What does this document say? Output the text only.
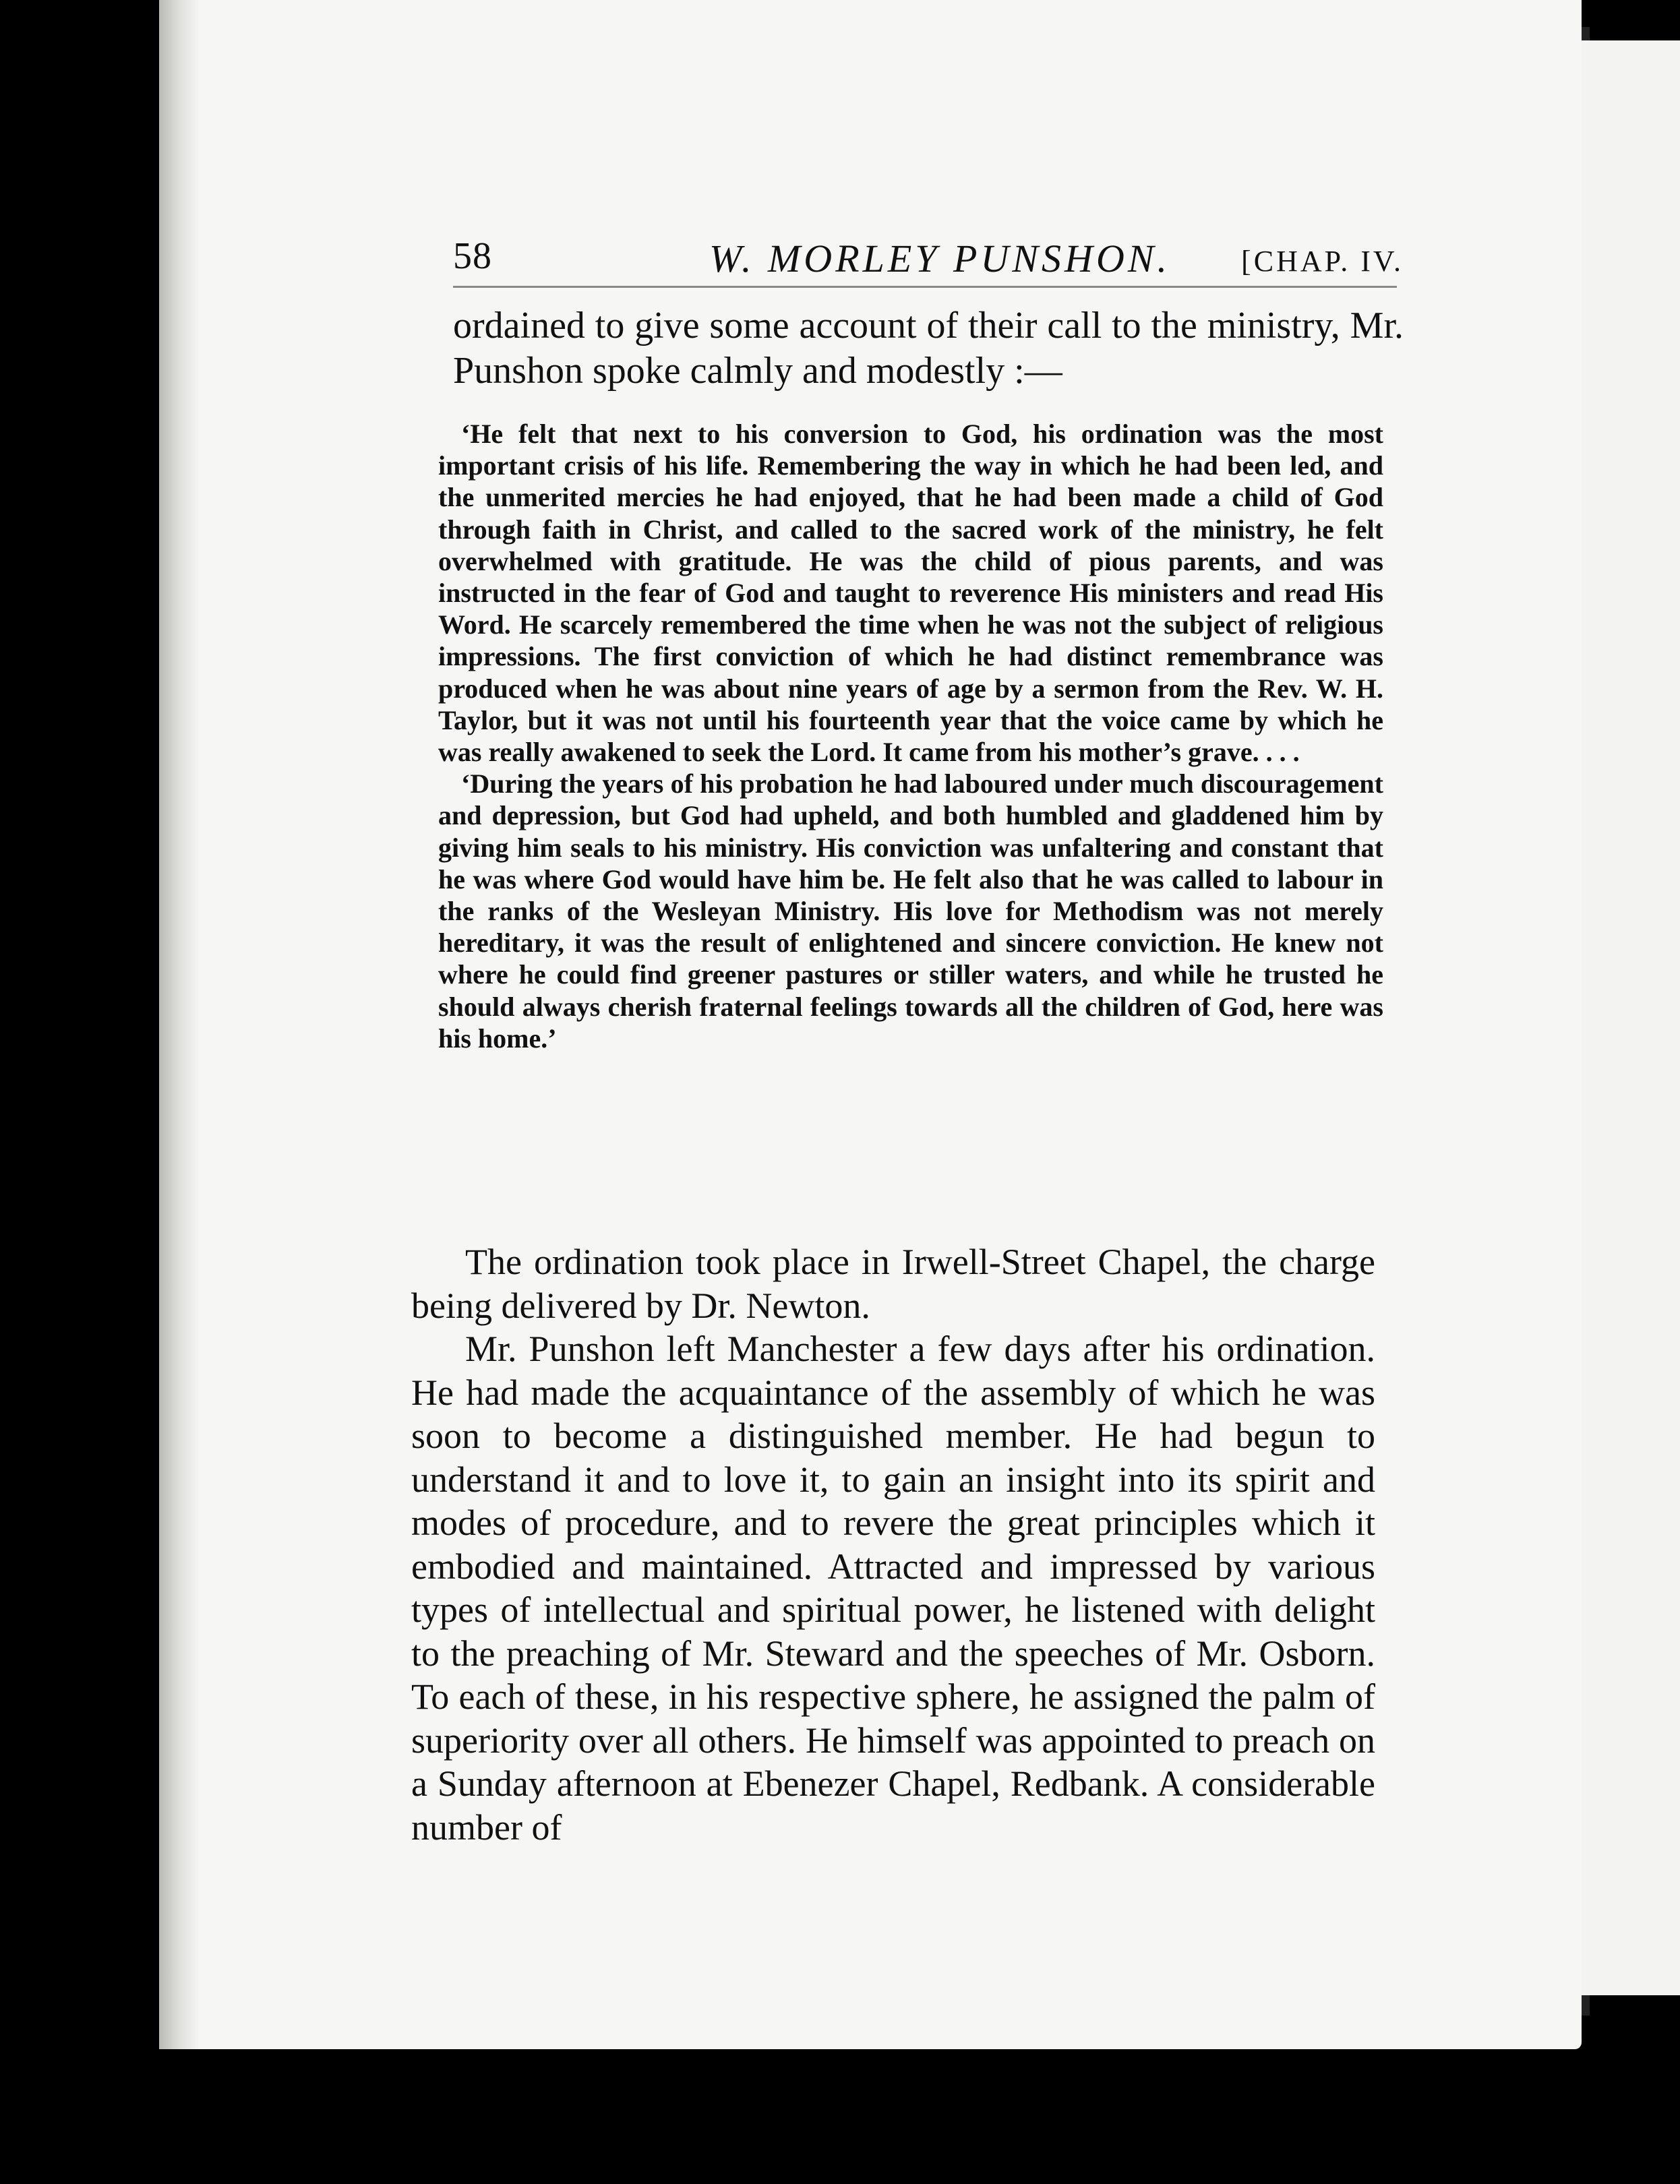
58	W. MORLEY PUNSHON. [CHAP. IV.
ordained to give some account of their call to the ministry, Mr. Punshon spoke calmly and modestly :—

‘He felt that next to his conversion to God, his ordination was the most important crisis of his life. Remembering the way in which he had been led, and the unmerited mercies he had enjoyed, that he had been made a child of God through faith in Christ, and called to the sacred work of the ministry, he felt overwhelmed with gratitude. He was the child of pious parents, and was instructed in the fear of God and taught to reverence His ministers and read His Word. He scarcely remembered the time when he was not the subject of religious impressions. The first conviction of which he had distinct remembrance was produced when he was about nine years of age by a sermon from the Rev. W. H. Taylor, but it was not until his fourteenth year that the voice came by which he was really awakened to seek the Lord. It came from his mother’s grave. . . .

‘During the years of his probation he had laboured under much discouragement and depression, but God had upheld, and both humbled and gladdened him by giving him seals to his ministry. His conviction was unfaltering and constant that he was where God would have him be. He felt also that he was called to labour in the ranks of the Wesleyan Ministry. His love for Methodism was not merely hereditary, it was the result of enlightened and sincere conviction. He knew not where he could find greener pastures or stiller waters, and while he trusted he should always cherish fraternal feelings towards all the children of God, here was his home.’

The ordination took place in Irwell-Street Chapel, the charge being delivered by Dr. Newton.

Mr. Punshon left Manchester a few days after his ordination. He had made the acquaintance of the assembly of which he was soon to become a distinguished member. He had begun to understand it and to love it, to gain an insight into its spirit and modes of procedure, and to revere the great principles which it embodied and maintained. Attracted and impressed by various types of intellectual and spiritual power, he listened with delight to the preaching of Mr. Steward and the speeches of Mr. Osborn. To each of these, in his respective sphere, he assigned the palm of superiority over all others. He himself was appointed to preach on a Sunday afternoon at Ebenezer Chapel, Redbank. A considerable number of
